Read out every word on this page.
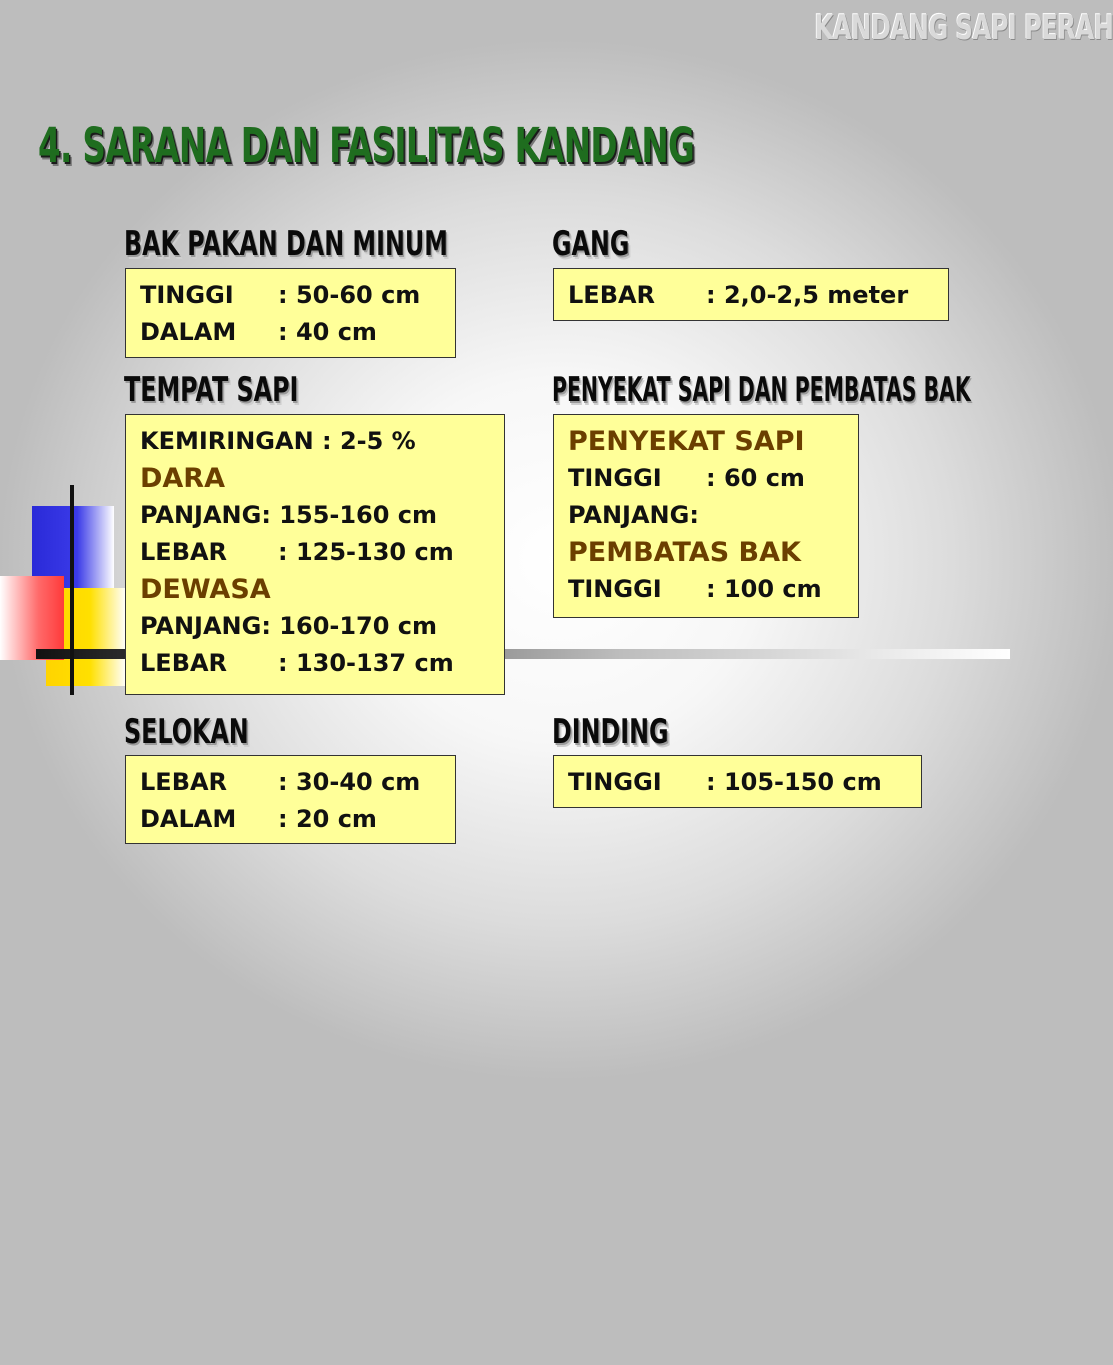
KANDANG SAPI PERAH
4. SARANA DAN FASILITAS KANDANG
BAK PAKAN DAN MINUM
TINGGI : 50-60 cm
DALAM : 40 cm
GANG
LEBAR : 2,0-2,5 meter
TEMPAT SAPI
KEMIRINGAN : 2-5 %
DARA
PANJANG: 155-160 cm
LEBAR : 125-130 cm
DEWASA
PANJANG: 160-170 cm
LEBAR : 130-137 cm
PENYEKAT SAPI DAN PEMBATAS BAK
PENYEKAT SAPI
TINGGI : 60 cm
PANJANG:
PEMBATAS BAK
TINGGI : 100 cm
SELOKAN
LEBAR : 30-40 cm
DALAM : 20 cm
DINDING
TINGGI : 105-150 cm
